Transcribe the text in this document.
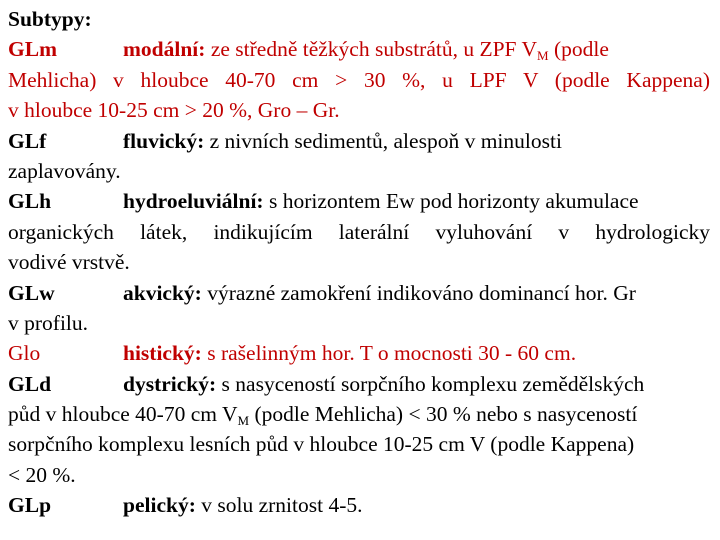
Subtypy:
GLm	modální: ze středně těžkých substrátů, u ZPF $V_M$ (podle
Mehlicha) v hloubce 40-70 cm > 30 %, u LPF V (podle Kappena)
v hloubce 10-25 cm > 20 %, Gro – Gr.
GLf	fluvický: z nivních sedimentů, alespoň v minulosti
zaplavovány.
GLh	hydroeluviální: s horizontem Ew pod horizonty akumulace
organických látek, indikujícím laterální vyluhování v hydrologicky
vodivé vrstvě.
GLw	akvický: výrazné zamokření indikováno dominancí hor. Gr
v profilu.
Glo	histický: s rašelinným hor. T o mocnosti 30 - 60 cm.
GLd	dystrický: s nasyceností sorpčního komplexu zemědělských
půd v hloubce 40-70 cm $V_M$ (podle Mehlicha) < 30 % nebo s nasyceností
sorpčního komplexu lesních půd v hloubce 10-25 cm V (podle Kappena)
< 20 %.
GLp	pelický: v solu zrnitost 4-5.
